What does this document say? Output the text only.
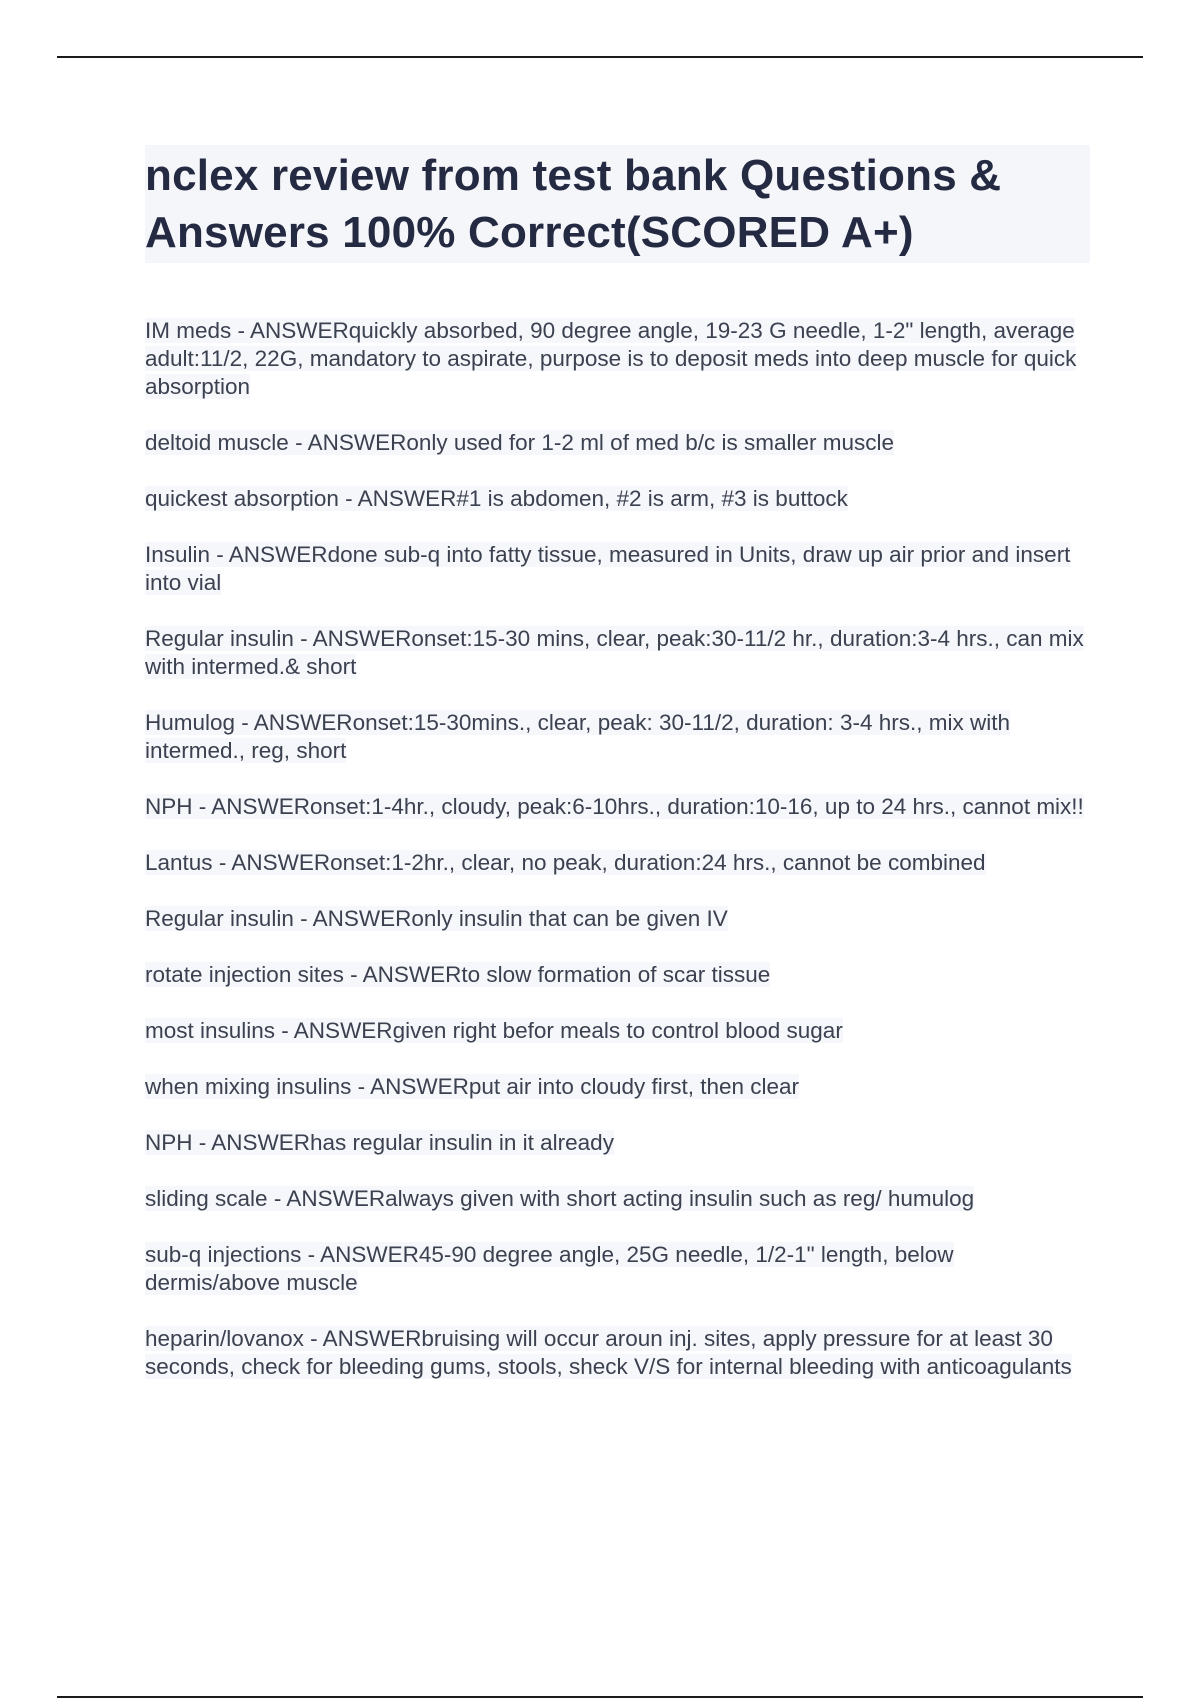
nclex review from test bank Questions & Answers 100% Correct(SCORED A+)

IM meds - ANSWERquickly absorbed, 90 degree angle, 19-23 G needle, 1-2" length, average adult:11/2, 22G, mandatory to aspirate, purpose is to deposit meds into deep muscle for quick absorption

deltoid muscle - ANSWERonly used for 1-2 ml of med b/c is smaller muscle

quickest absorption - ANSWER#1 is abdomen, #2 is arm, #3 is buttock

Insulin - ANSWERdone sub-q into fatty tissue, measured in Units, draw up air prior and insert into vial

Regular insulin - ANSWERonset:15-30 mins, clear, peak:30-11/2 hr., duration:3-4 hrs., can mix with intermed.& short

Humulog - ANSWERonset:15-30mins., clear, peak: 30-11/2, duration: 3-4 hrs., mix with intermed., reg, short

NPH - ANSWERonset:1-4hr., cloudy, peak:6-10hrs., duration:10-16, up to 24 hrs., cannot mix!!

Lantus - ANSWERonset:1-2hr., clear, no peak, duration:24 hrs., cannot be combined

Regular insulin - ANSWERonly insulin that can be given IV

rotate injection sites - ANSWERto slow formation of scar tissue

most insulins - ANSWERgiven right befor meals to control blood sugar

when mixing insulins - ANSWERput air into cloudy first, then clear

NPH - ANSWERhas regular insulin in it already

sliding scale - ANSWERalways given with short acting insulin such as reg/ humulog

sub-q injections - ANSWER45-90 degree angle, 25G needle, 1/2-1" length, below dermis/above muscle

heparin/lovanox - ANSWERbruising will occur aroun inj. sites, apply pressure for at least 30 seconds, check for bleeding gums, stools, sheck V/S for internal bleeding with anticoagulants
